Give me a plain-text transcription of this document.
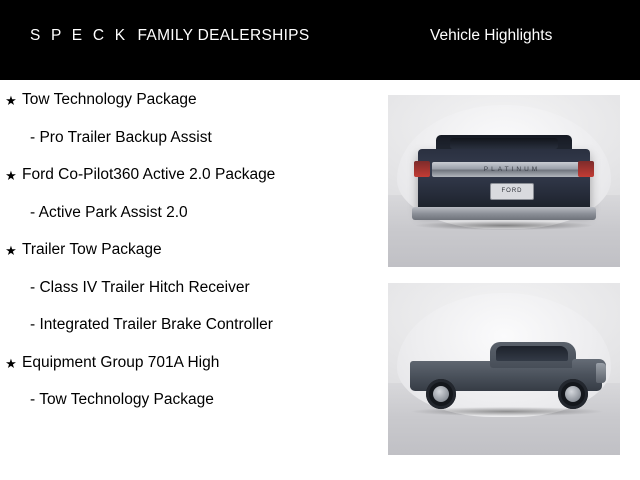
S P E C K FAMILY DEALERSHIPS	Vehicle Highlights
★ Tow Technology Package
- Pro Trailer Backup Assist
★ Ford Co-Pilot360 Active 2.0 Package
- Active Park Assist 2.0
★ Trailer Tow Package
- Class IV Trailer Hitch Receiver
- Integrated Trailer Brake Controller
★ Equipment Group 701A High
- Tow Technology Package
PLATINUM
FORD
